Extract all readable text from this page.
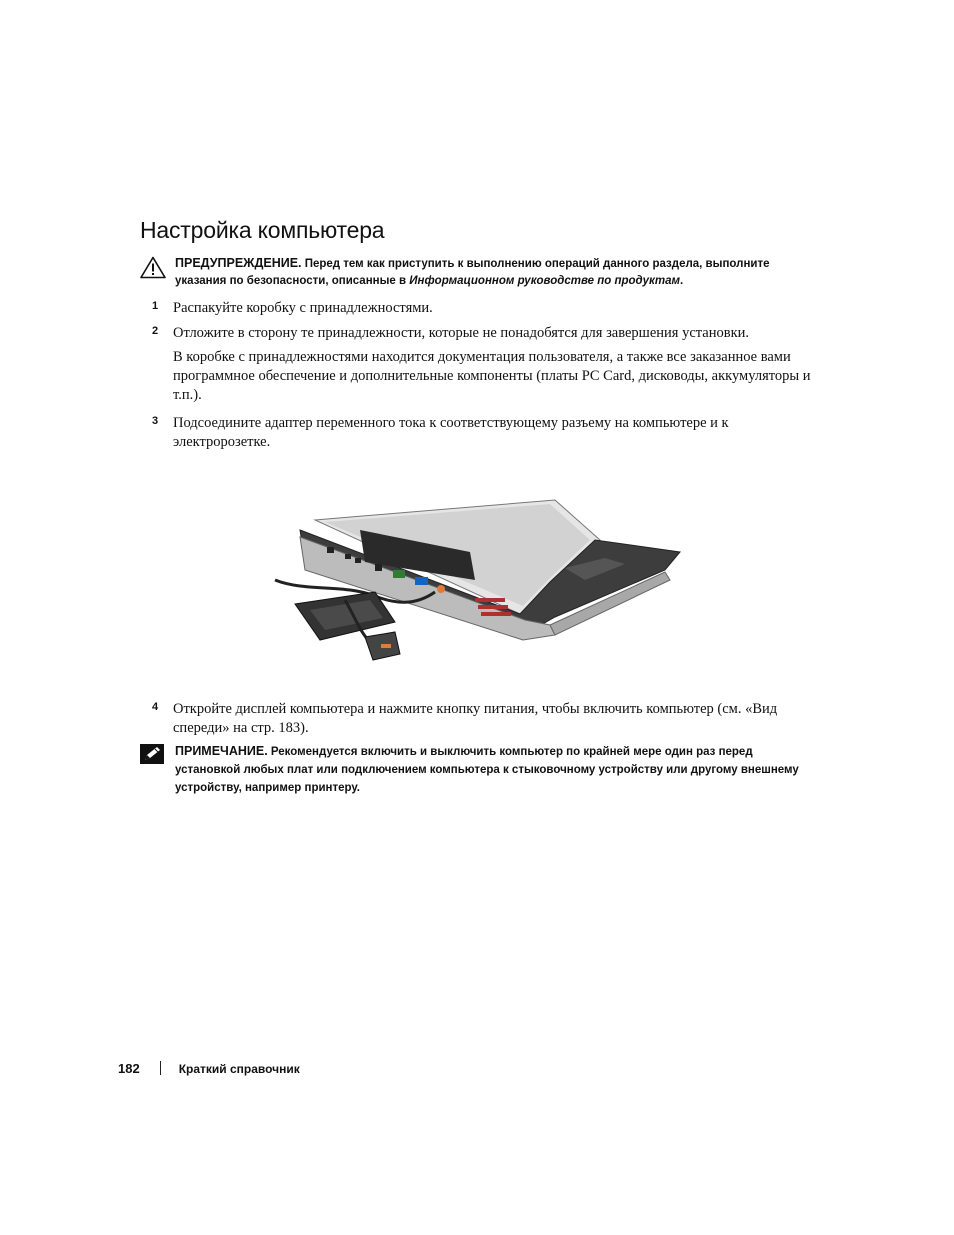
Настройка компьютера
ПРЕДУПРЕЖДЕНИЕ. Перед тем как приступить к выполнению операций данного раздела, выполните указания по безопасности, описанные в Информационном руководстве по продуктам.
1 Распакуйте коробку с принадлежностями.
2 Отложите в сторону те принадлежности, которые не понадобятся для завершения установки.
В коробке с принадлежностями находится документация пользователя, а также все заказанное вами программное обеспечение и дополнительные компоненты (платы PC Card, дисководы, аккумуляторы и т.п.).
3 Подсоедините адаптер переменного тока к соответствующему разъему на компьютере и к электророзетке.
4 Откройте дисплей компьютера и нажмите кнопку питания, чтобы включить компьютер (см. «Вид спереди» на стр. 183).
ПРИМЕЧАНИЕ. Рекомендуется включить и выключить компьютер по крайней мере один раз перед установкой любых плат или подключением компьютера к стыковочному устройству или другому внешнему устройству, например принтеру.
182	Краткий справочник
